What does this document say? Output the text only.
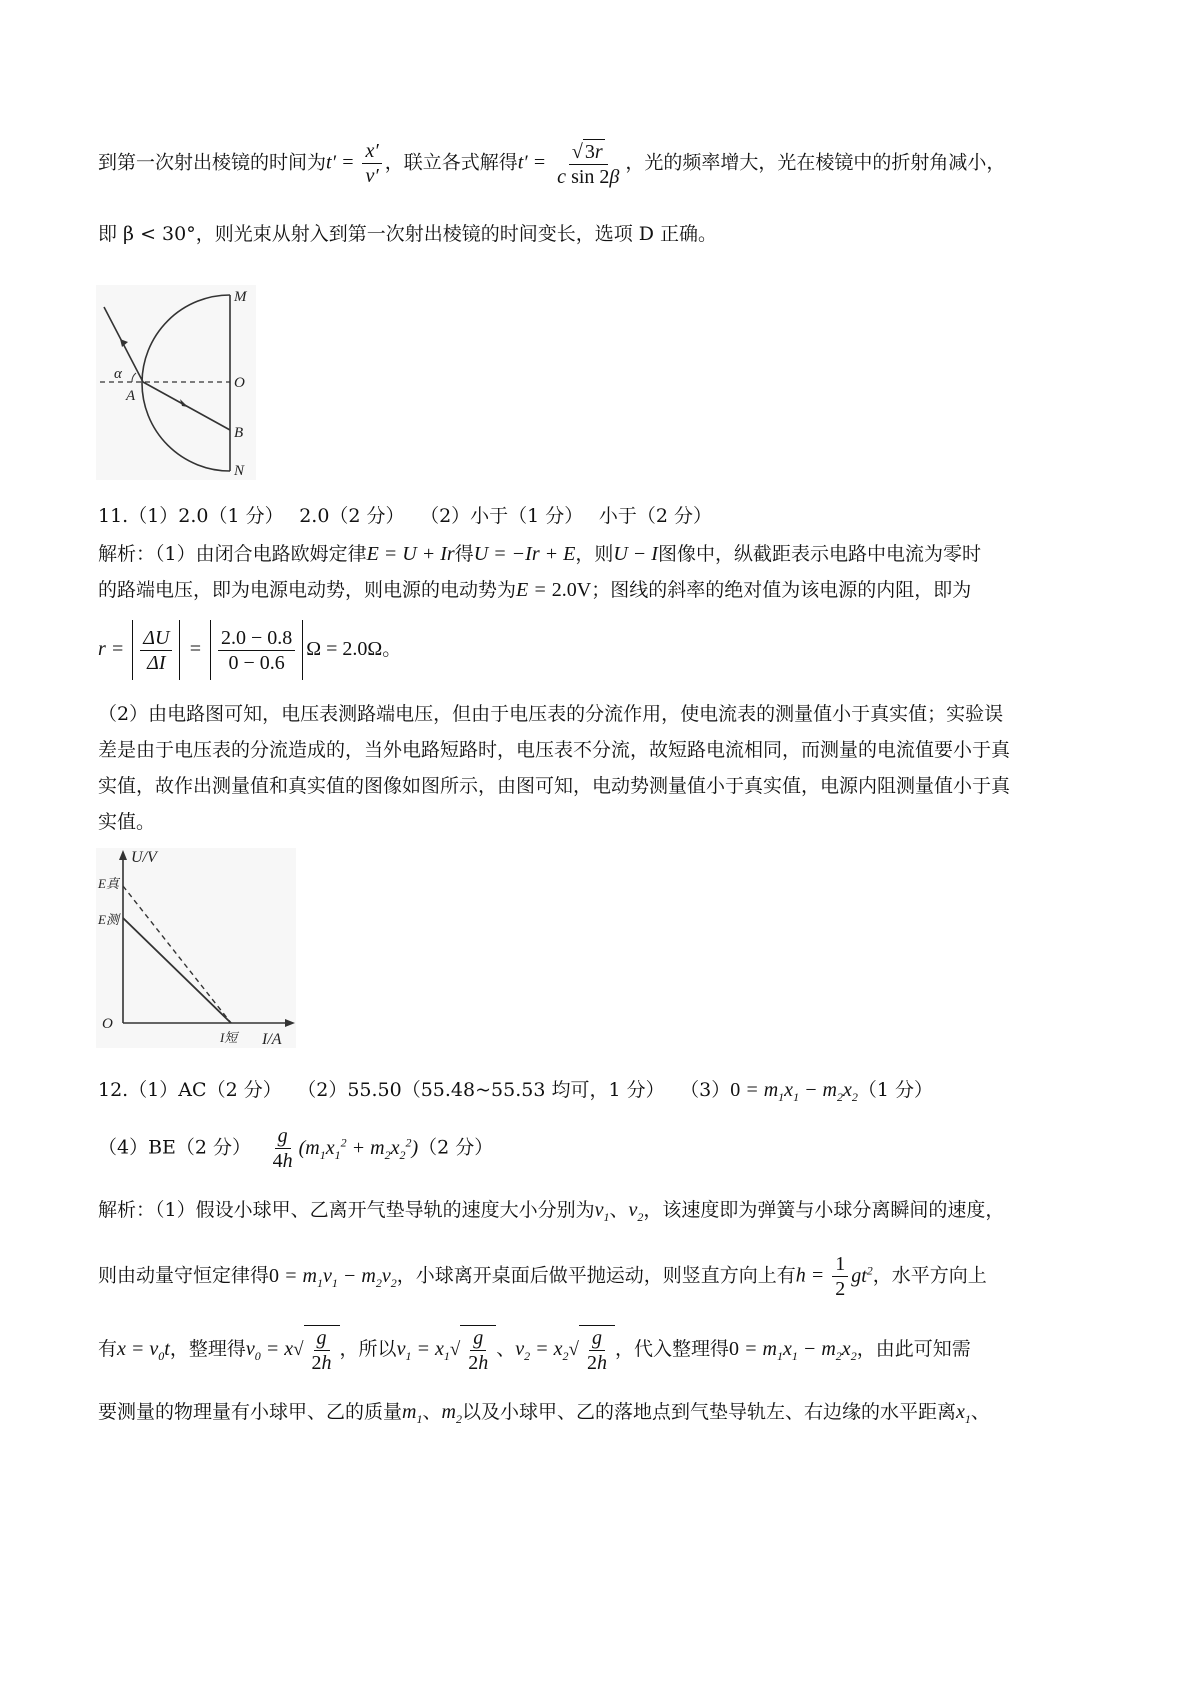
到第一次射出棱镜的时间为$t' = \frac{x'}{v'}$ ，联立各式解得$t' = \frac{√ 3r}{\text{c sin 2β}}$ ，光的频率增大，光在棱镜中的折射角减小，
即 β < 30°，则光束从射入到第一次射出棱镜的时间变长，选项 D 正确。
M
O
B
N
A
α
11.（1）2.0（1 分）　 2.0（2 分）　 （2）小于（1 分）　 小于（2 分）
解析：（1）由闭合电路欧姆定律E = U + Ir得U = −Ir + E，则U − I图像中，纵截距表示电路中电流为零时
的路端电压，即为电源电动势，则电源的电动势为E = 2.0V；图线的斜率的绝对值为该电源的内阻，即为
$r = \frac{\Delta U}{\Delta I} = \frac{2.0 - 0.8}{0 - 0.6}$ Ω = 2.0Ω。
（2）由电路图可知，电压表测路端电压，但由于电压表的分流作用，使电流表的测量值小于真实值；实验误
差是由于电压表的分流造成的，当外电路短路时，电压表不分流，故短路电流相同，而测量的电流值要小于真
实值，故作出测量值和真实值的图像如图所示，由图可知，电动势测量值小于真实值，电源内阻测量值小于真
实值。
U/V
I/A
O
E真
E测
I短
12.（1）AC（2 分）　 （2）55.50（55.48~55.53 均可，1 分）　 $(3)0 = m_1x_1 - m_2x_2(1$ 分）
（4）BE（2 分）　 $\frac{g}{4h} (m_1x_1^2 + m_2x_2^2)(2$ 分）
解析：（1）假设小球甲、乙离开气垫导轨的速度大小分别为$v_1$、$v_2$，该速度即为弹簧与小球分离瞬间的速度，
则由动量守恒定律得$0 = m_1v_1 - m_2v_2$，小球离开桌面后做平抛运动，则竖直方向上有$h = \frac{1}{2} gt^2$，水平方向上
有$x = v_0t$，整理得$v_0 = x√ \frac{g}{2h}$ ，所以$v_1 = x_1√ \frac{g}{2h}$ 、$v_2 = x_2√ \frac{g}{2h}$ ，代入整理得$0 = m_1x_1 - m_2x_2$，由此可知需
要测量的物理量有小球甲、乙的质量$m_1$、$m_2$以及小球甲、乙的落地点到气垫导轨左、右边缘的水平距离$x_1$、
